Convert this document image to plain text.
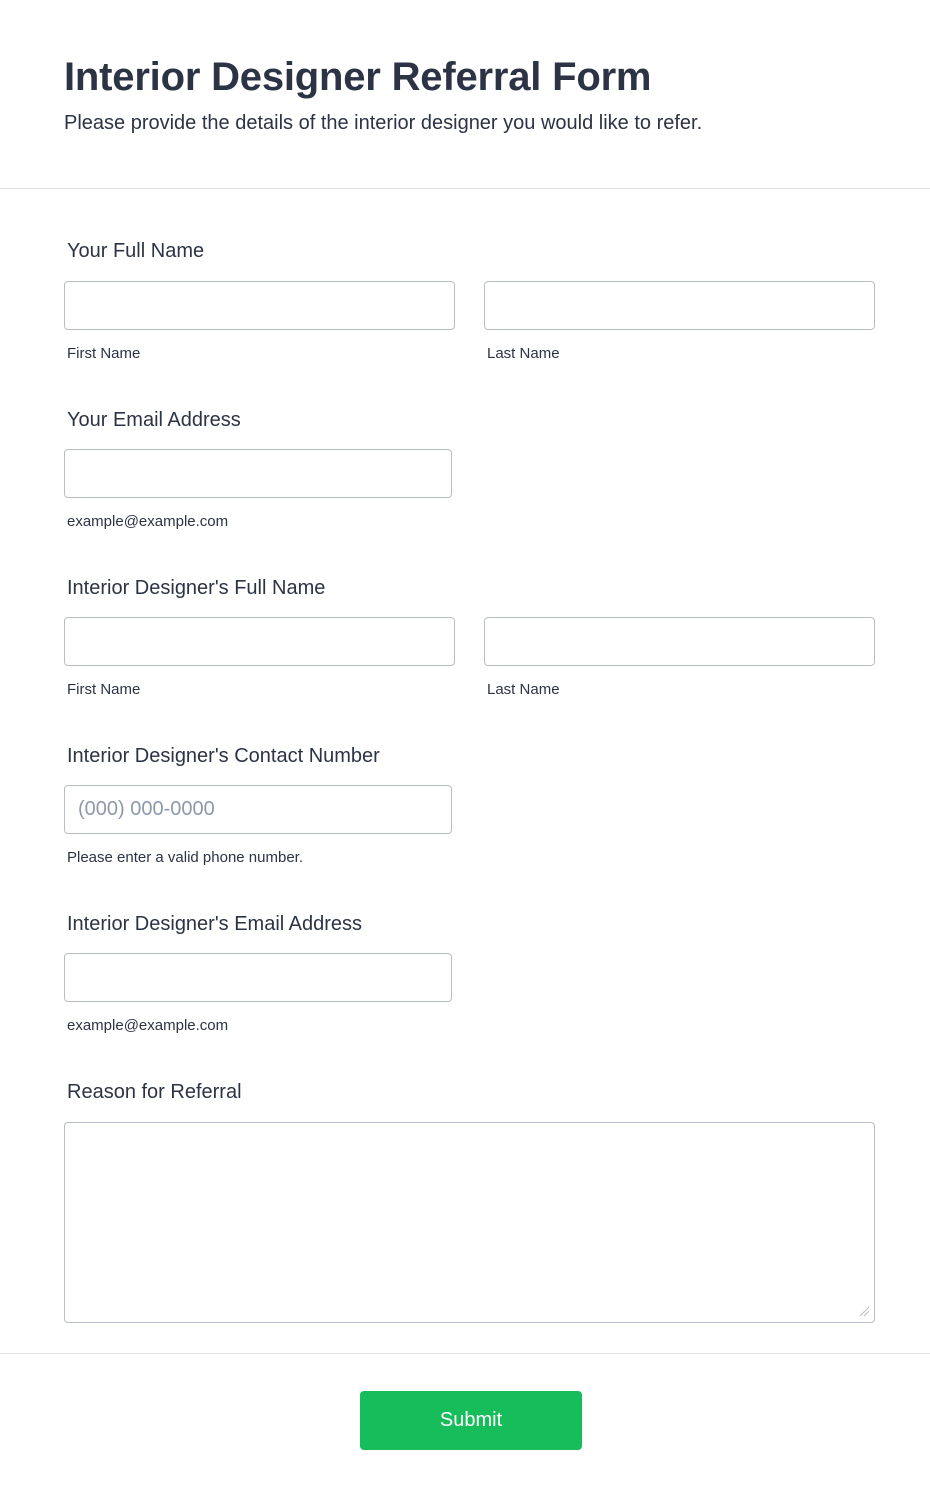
Interior Designer Referral Form

Please provide the details of the interior designer you would like to refer.

Your Full Name
First Name	Last Name
Your Email Address
example@example.com
Interior Designer's Full Name
First Name	Last Name
Interior Designer's Contact Number
(000) 000-0000
Please enter a valid phone number.
Interior Designer's Email Address
example@example.com
Reason for Referral
Submit
